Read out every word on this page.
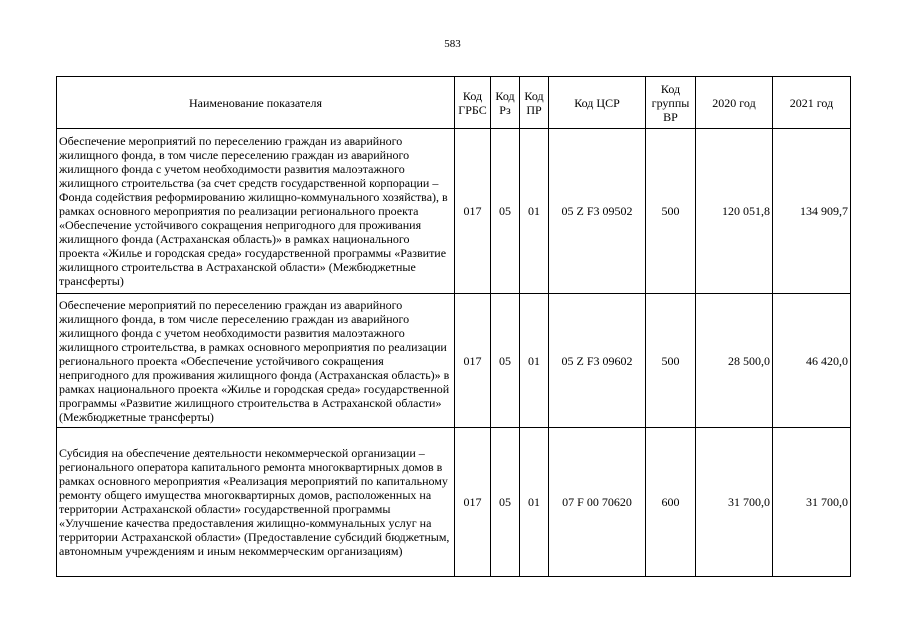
583
Наименование показателя	Код ГРБС	Код Рз	Код ПР	Код ЦСР	Код группы ВР	2020 год	2021 год
Обеспечение мероприятий по переселению граждан из аварийного жилищного фонда, в том числе переселению граждан из аварийного жилищного фонда с учетом необходимости развития малоэтажного жилищного строительства (за счет средств государственной корпорации – Фонда содействия реформированию жилищно-коммунального хозяйства), в рамках основного мероприятия по реализации регионального проекта «Обеспечение устойчивого сокращения непригодного для проживания жилищного фонда (Астраханская область)» в рамках национального проекта «Жилье и городская среда» государственной программы «Развитие жилищного строительства в Астраханской области» (Межбюджетные трансферты)	017	05	01	05 Z F3 09502	500	120 051,8	134 909,7
Обеспечение мероприятий по переселению граждан из аварийного жилищного фонда, в том числе переселению граждан из аварийного жилищного фонда с учетом необходимости развития малоэтажного жилищного строительства, в рамках основного мероприятия по реализации регионального проекта «Обеспечение устойчивого сокращения непригодного для проживания жилищного фонда (Астраханская область)» в рамках национального проекта «Жилье и городская среда» государственной программы «Развитие жилищного строительства в Астраханской области» (Межбюджетные трансферты)	017	05	01	05 Z F3 09602	500	28 500,0	46 420,0
Субсидия на обеспечение деятельности некоммерческой организации – регионального оператора капитального ремонта многоквартирных домов в рамках основного мероприятия «Реализация мероприятий по капитальному ремонту общего имущества многоквартирных домов, расположенных на территории Астраханской области» государственной программы «Улучшение качества предоставления жилищно-коммунальных услуг на территории Астраханской области» (Предоставление субсидий бюджетным, автономным учреждениям и иным некоммерческим организациям)	017	05	01	07 F 00 70620	600	31 700,0	31 700,0
